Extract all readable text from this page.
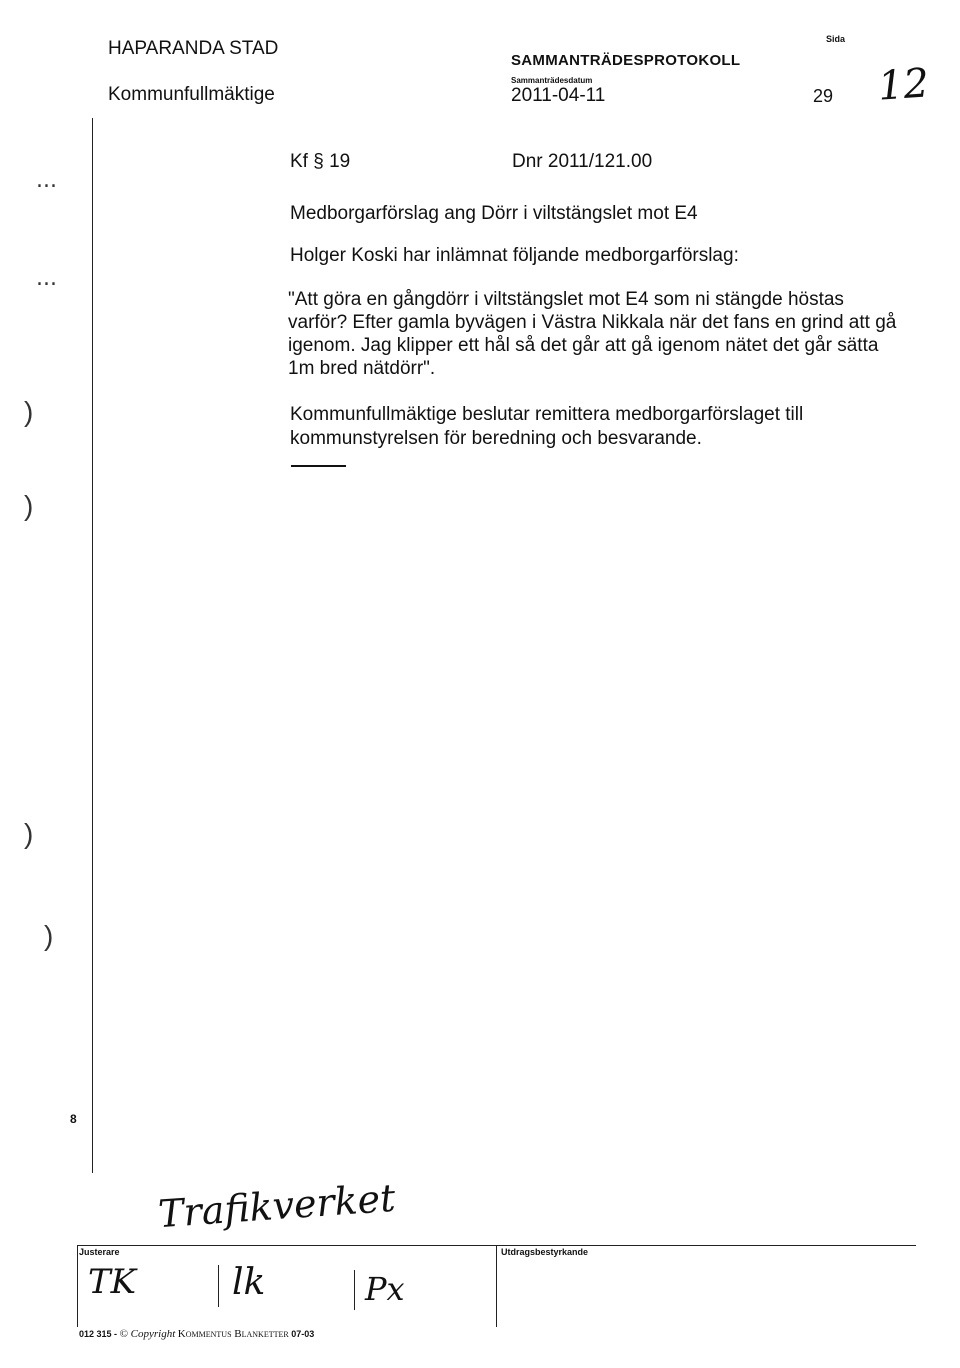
HAPARANDA STAD
Kommunfullmäktige
SAMMANTRÄDESPROTOKOLL
Sammanträdesdatum
2011-04-11
Sida
29 12
...
...
)
)
)
)
8
Kf § 19	Dnr 2011/121.00
Medborgarförslag ang Dörr i viltstängslet mot E4
Holger Koski har inlämnat följande medborgarförslag:
"Att göra en gångdörr i viltstängslet mot E4 som ni stängde höstas varför? Efter gamla byvägen i Västra Nikkala när det fans en grind att gå igenom. Jag klipper ett hål så det går att gå igenom nätet det går sätta 1m bred nätdörr".
Kommunfullmäktige beslutar remittera medborgarförslaget till kommunstyrelsen för beredning och besvarande.
Trafikverket
Justerare	Utdragsbestyrkande
TK	lk	Px
012 315 - © Copyright Kommentus Blanketter 07-03
